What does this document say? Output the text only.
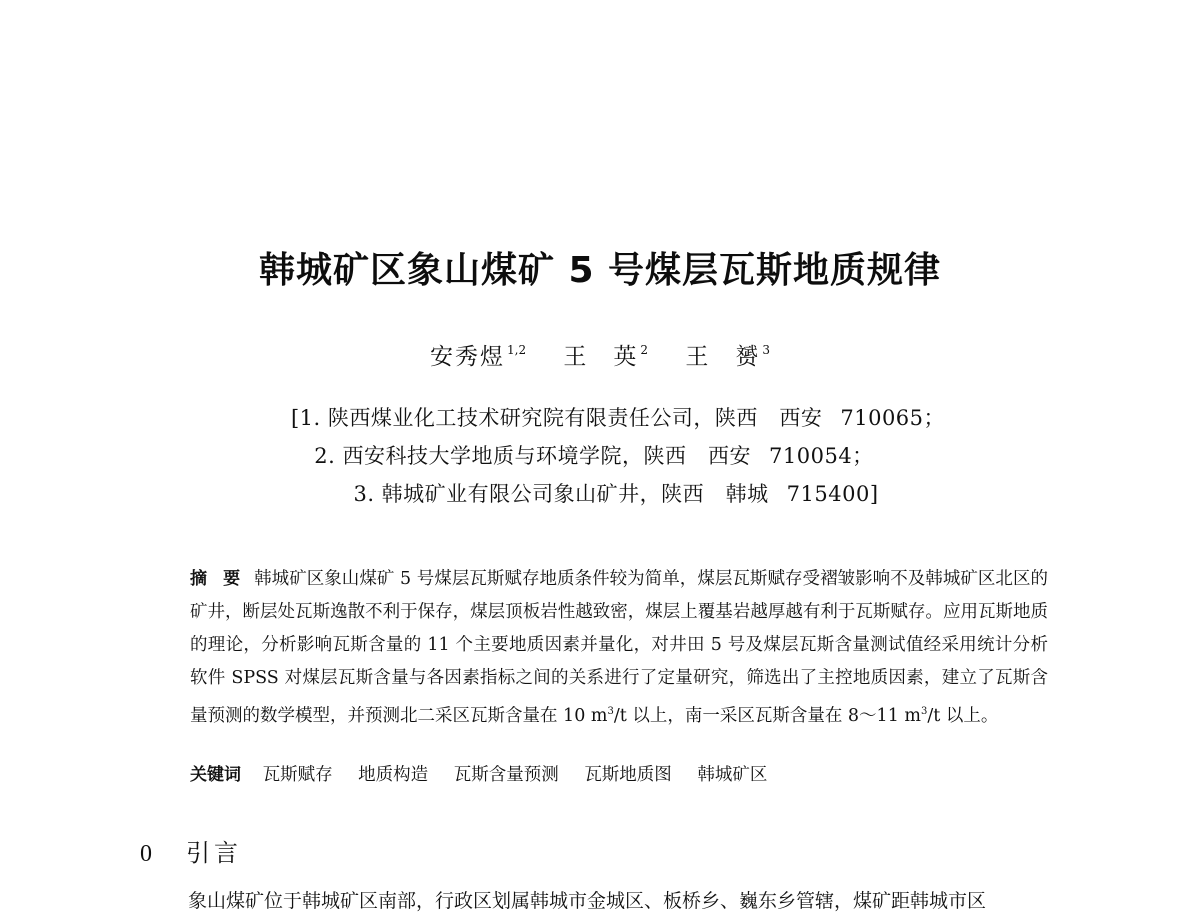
韩城矿区象山煤矿 5 号煤层瓦斯地质规律
安秀煜 $^{1,2}$ 王　英 $^2$ 王　赟 $^3$
[1. 陕西煤业化工技术研究院有限责任公司，陕西　西安 710065；
2. 西安科技大学地质与环境学院，陕西　西安 710054；
3. 韩城矿业有限公司象山矿井，陕西　韩城 715400]
摘 要 韩城矿区象山煤矿 5 号煤层瓦斯赋存地质条件较为简单，煤层瓦斯赋存受褶皱影响不及韩城矿区北区的矿井，断层处瓦斯逸散不利于保存，煤层顶板岩性越致密，煤层上覆基岩越厚越有利于瓦斯赋存。应用瓦斯地质的理论，分析影响瓦斯含量的 11 个主要地质因素并量化，对井田 5 号及煤层瓦斯含量测试值经采用统计分析软件 SPSS 对煤层瓦斯含量与各因素指标之间的关系进行了定量研究，筛选出了主控地质因素，建立了瓦斯含量预测的数学模型，并预测北二采区瓦斯含量在 10 $m^3/t$ 以上，南一采区瓦斯含量在 8～11 $m^3/t$ 以上。
关键词 瓦斯赋存 地质构造 瓦斯含量预测 瓦斯地质图 韩城矿区
0 引言
象山煤矿位于韩城矿区南部，行政区划属韩城市金城区、板桥乡、巍东乡管辖，煤矿距韩城市区
